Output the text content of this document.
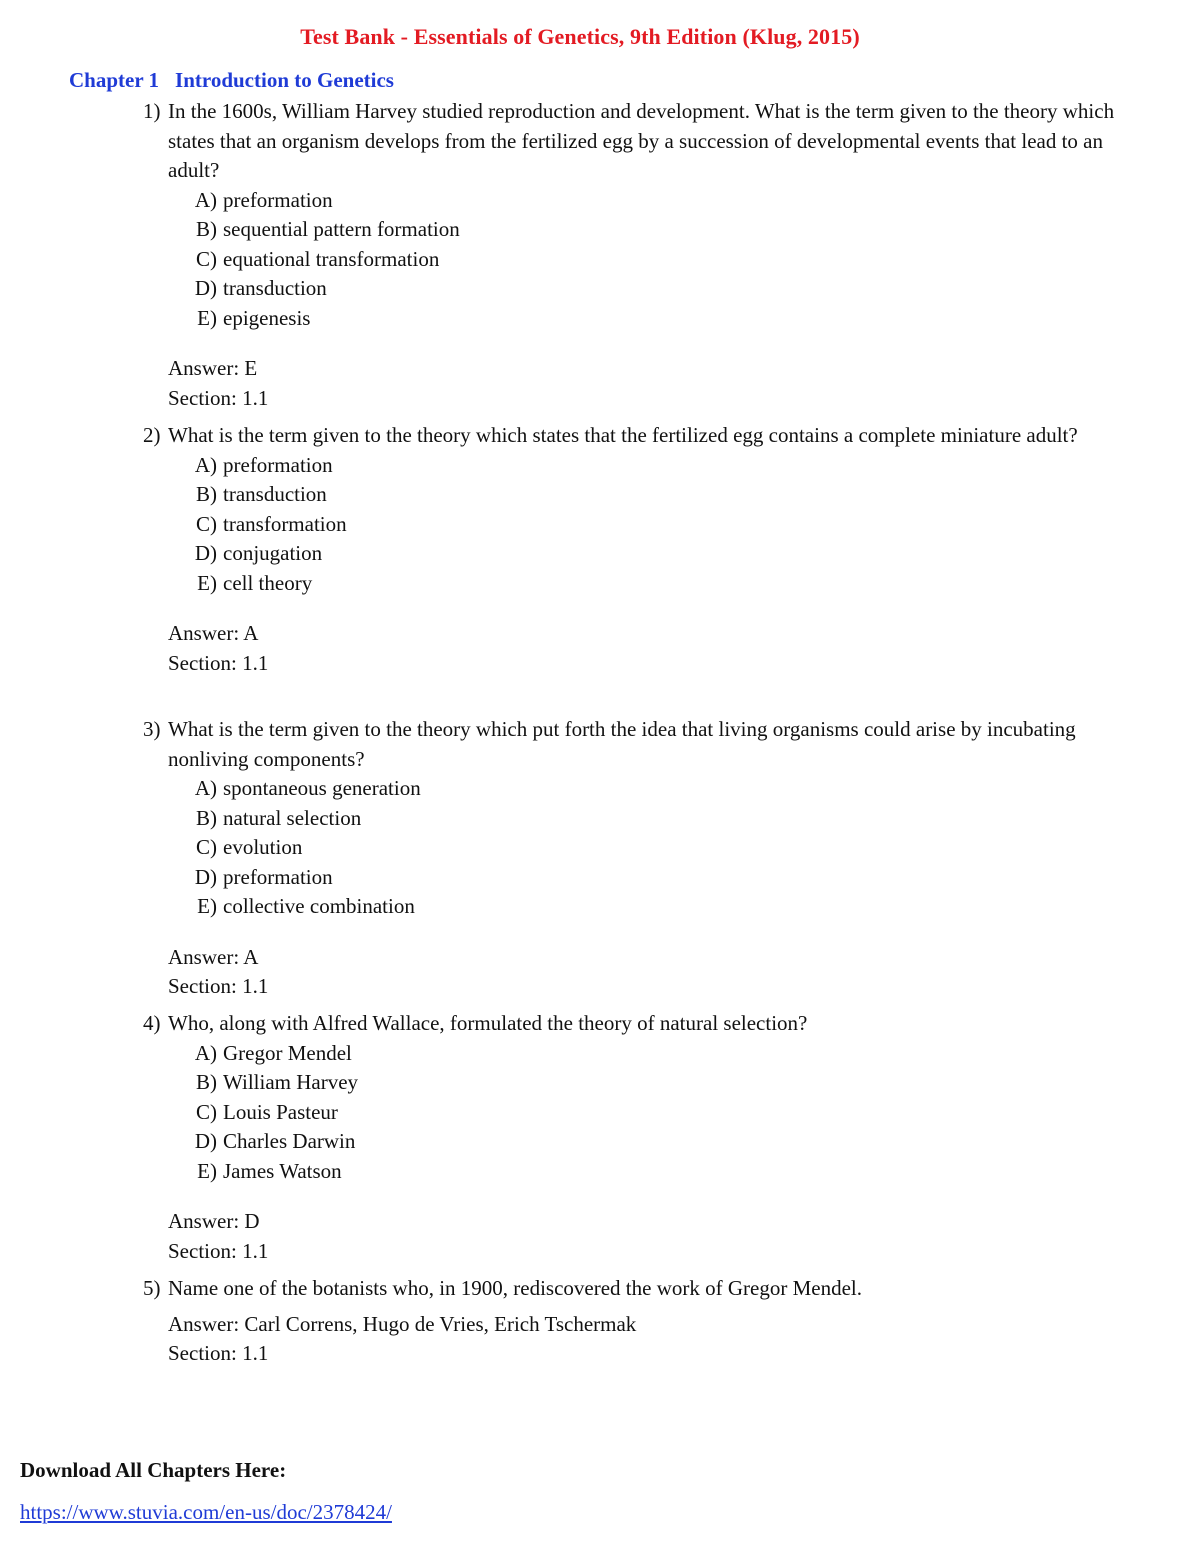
Test Bank - Essentials of Genetics, 9th Edition (Klug, 2015)
Chapter 1 Introduction to Genetics
1) In the 1600s, William Harvey studied reproduction and development. What is the term given to the theory which states that an organism develops from the fertilized egg by a succession of developmental events that lead to an adult?
A) preformation
B) sequential pattern formation
C) equational transformation
D) transduction
E) epigenesis
Answer: E
Section: 1.1
2) What is the term given to the theory which states that the fertilized egg contains a complete miniature adult?
A) preformation
B) transduction
C) transformation
D) conjugation
E) cell theory
Answer: A
Section: 1.1
3) What is the term given to the theory which put forth the idea that living organisms could arise by incubating nonliving components?
A) spontaneous generation
B) natural selection
C) evolution
D) preformation
E) collective combination
Answer: A
Section: 1.1
4) Who, along with Alfred Wallace, formulated the theory of natural selection?
A) Gregor Mendel
B) William Harvey
C) Louis Pasteur
D) Charles Darwin
E) James Watson
Answer: D
Section: 1.1
5) Name one of the botanists who, in 1900, rediscovered the work of Gregor Mendel.
Answer: Carl Correns, Hugo de Vries, Erich Tschermak
Section: 1.1
Download All Chapters Here:
https://www.stuvia.com/en-us/doc/2378424/
